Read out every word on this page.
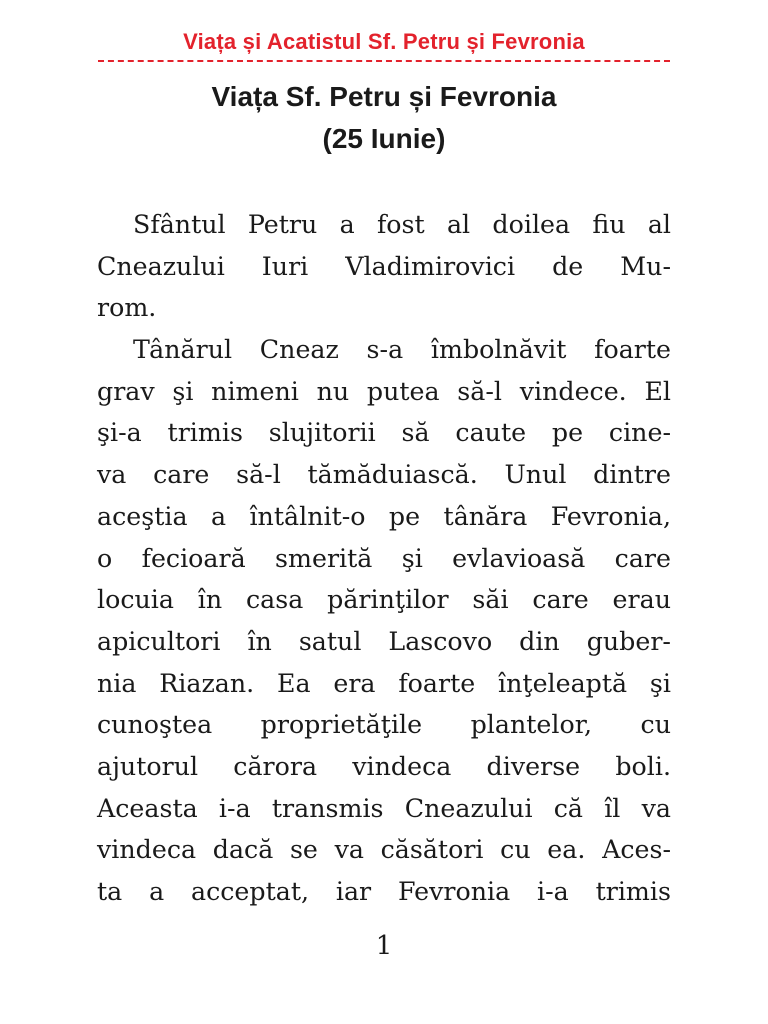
Viața și Acatistul Sf. Petru și Fevronia
Viața Sf. Petru și Fevronia
(25 Iunie)
Sfântul Petru a fost al doilea fiu al
Cneazului Iuri Vladimirovici de Mu-
rom.
Tânărul Cneaz s-a îmbolnăvit foarte
grav şi nimeni nu putea să-l vindece. El
şi-a trimis slujitorii să caute pe cine-
va care să-l tămăduiască. Unul dintre
aceştia a întâlnit-o pe tânăra Fevronia,
o fecioară smerită şi evlavioasă care
locuia în casa părinţilor săi care erau
apicultori în satul Lascovo din guber-
nia Riazan. Ea era foarte înţeleaptă şi
cunoştea proprietăţile plantelor, cu
ajutorul cărora vindeca diverse boli.
Aceasta i-a transmis Cneazului că îl va
vindeca dacă se va căsători cu ea. Aces-
ta a acceptat, iar Fevronia i-a trimis
1
